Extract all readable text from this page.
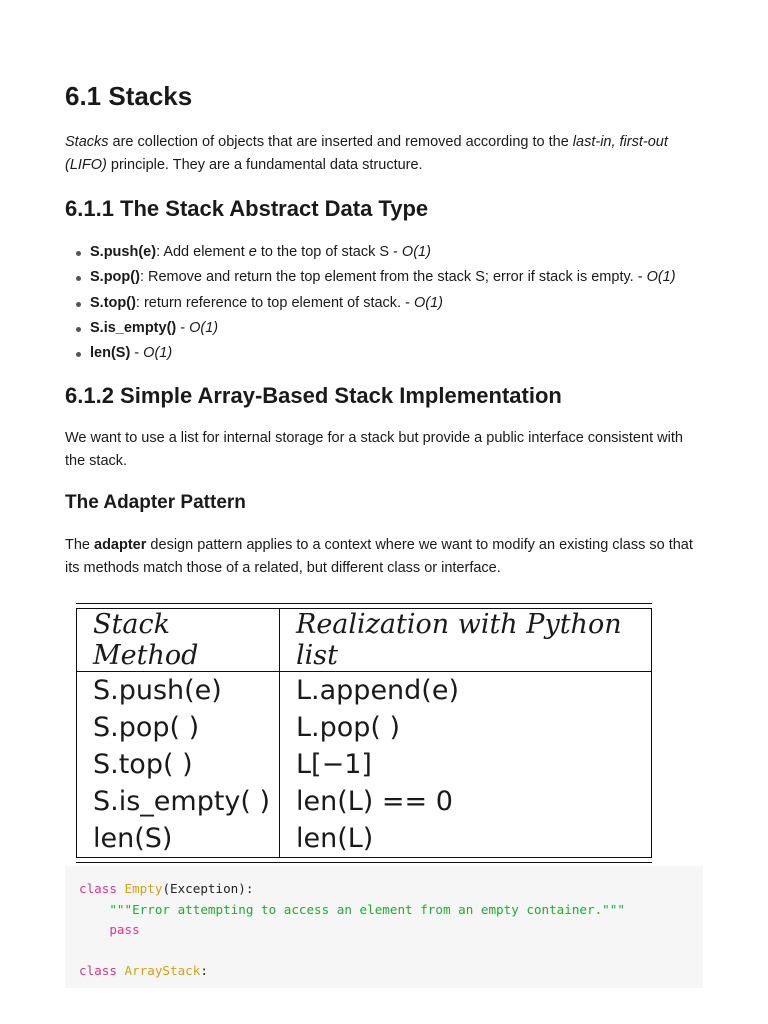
6.1 Stacks

Stacks are collection of objects that are inserted and removed according to the last-in, first-out (LIFO) principle. They are a fundamental data structure.

6.1.1 The Stack Abstract Data Type
S.push(e): Add element e to the top of stack S - O(1)
S.pop(): Remove and return the top element from the stack S; error if stack is empty. - O(1)
S.top(): return reference to top element of stack. - O(1)
S.is_empty() - O(1)
len(S) - O(1)
6.1.2 Simple Array-Based Stack Implementation

We want to use a list for internal storage for a stack but provide a public interface consistent with the stack.

The Adapter Pattern

The adapter design pattern applies to a context where we want to modify an existing class so that its methods match those of a related, but different class or interface.

Stack Method	Realization with Python list
S.push(e)	L.append(e)
S.pop( )	L.pop( )
S.top( )	L[−1]
S.is_empty( )	len(L) == 0
len(S)	len(L)
class Empty(Exception):
"""Error attempting to access an element from an empty container."""
pass

class ArrayStack:
